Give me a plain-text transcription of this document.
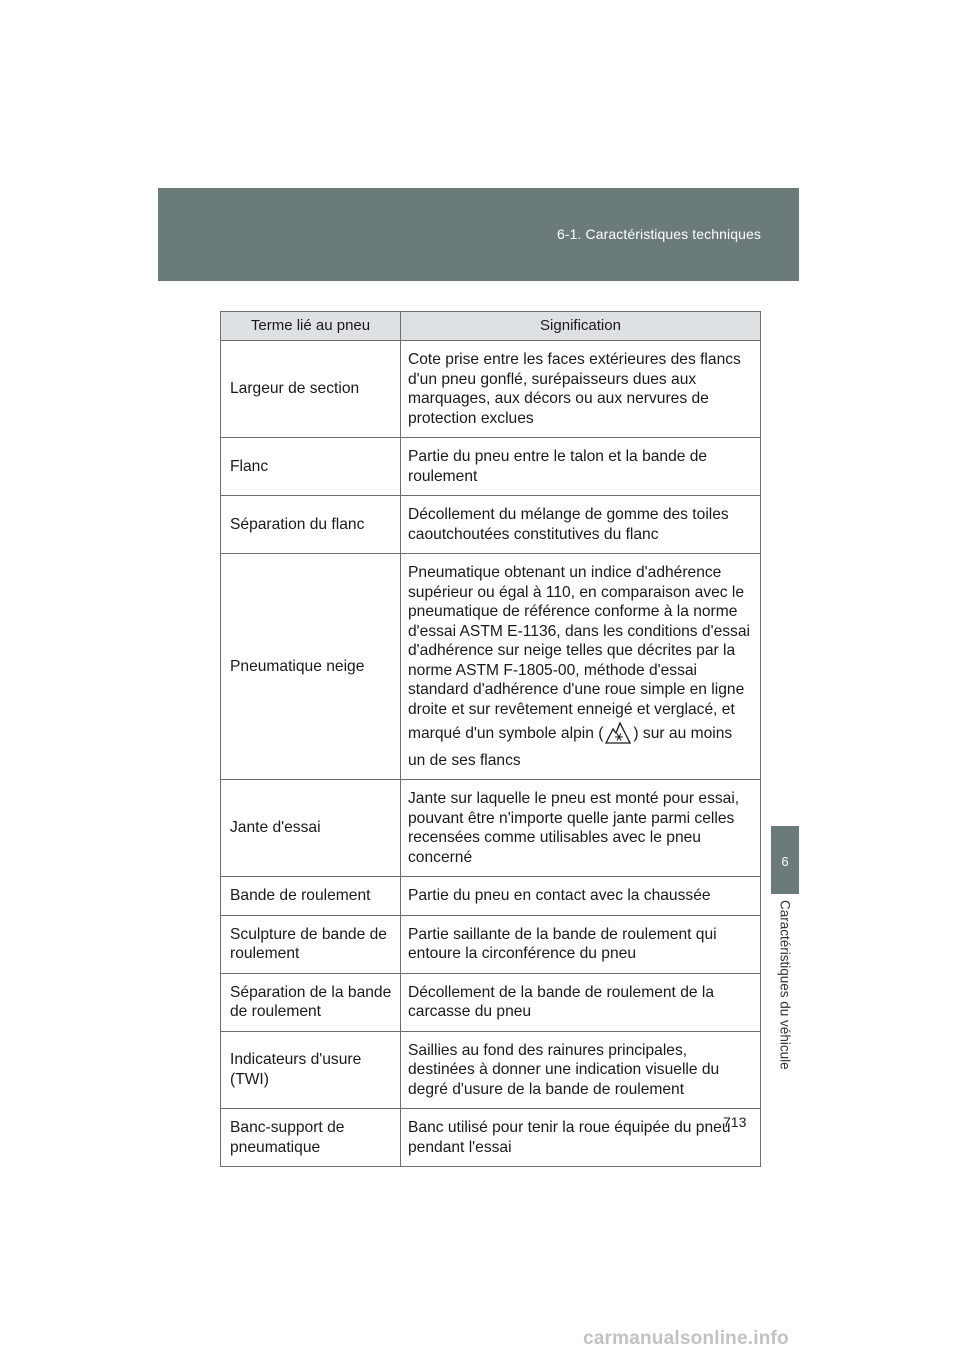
6-1. Caractéristiques techniques
6
Caractéristiques du véhicule
Terme lié au pneu	Signification
Largeur de section	Cote prise entre les faces extérieures des flancs d'un pneu gonflé, surépaisseurs dues aux marquages, aux décors ou aux nervures de protection exclues
Flanc	Partie du pneu entre le talon et la bande de roulement
Séparation du flanc	Décollement du mélange de gomme des toiles caoutchoutées constitutives du flanc
Pneumatique neige	Pneumatique obtenant un indice d'adhérence supérieur ou égal à 110, en comparaison avec le pneumatique de référence conforme à la norme d'essai ASTM E-1136, dans les conditions d'essai d'adhérence sur neige telles que décrites par la norme ASTM F-1805-00, méthode d'essai standard d'adhérence d'une roue simple en ligne droite et sur revêtement enneigé et verglacé, et marqué d'un symbole alpin ( ) sur au moins un de ses flancs
Jante d'essai	Jante sur laquelle le pneu est monté pour essai, pouvant être n'importe quelle jante parmi celles recensées comme utilisables avec le pneu concerné
Bande de roulement	Partie du pneu en contact avec la chaussée
Sculpture de bande de roulement	Partie saillante de la bande de roulement qui entoure la circonférence du pneu
Séparation de la bande de roulement	Décollement de la bande de roulement de la carcasse du pneu
Indicateurs d'usure (TWI)	Saillies au fond des rainures principales, destinées à donner une indication visuelle du degré d'usure de la bande de roulement
Banc-support de pneumatique	Banc utilisé pour tenir la roue équipée du pneu pendant l'essai
713
carmanualsonline.info
